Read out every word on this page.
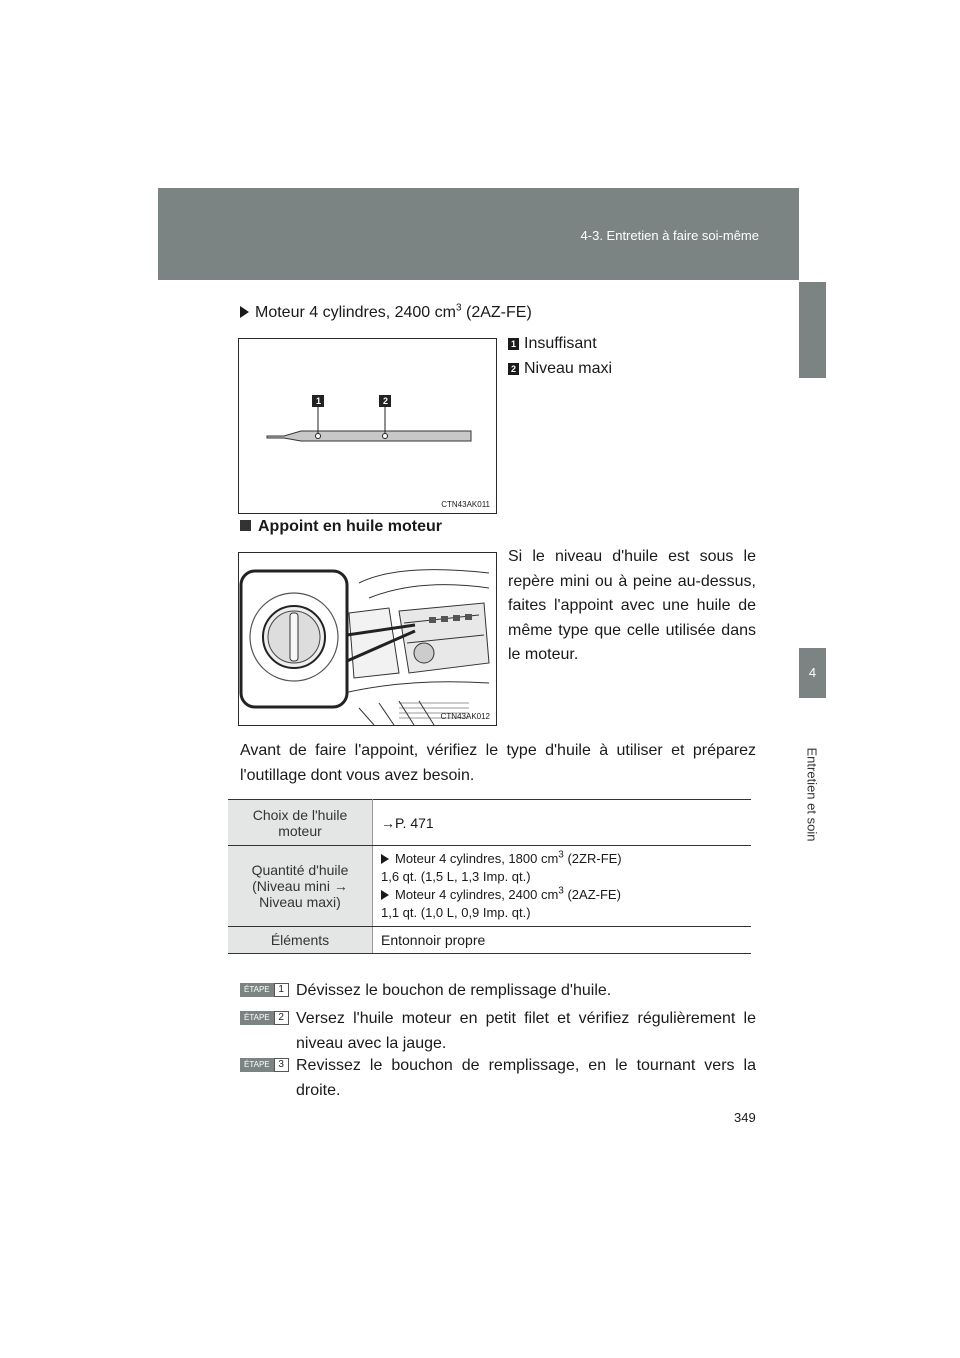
4-3. Entretien à faire soi-même
4
Entretien et soin
Moteur 4 cylindres, 2400 $cm^3$ (2AZ-FE)
1	2
CTN43AK011
1 Insuffisant
2 Niveau maxi
Appoint en huile moteur
CTN43AK012
Si le niveau d'huile est sous le repère mini ou à peine au-dessus, faites l'appoint avec une huile de même type que celle utilisée dans le moteur.
Avant de faire l'appoint, vérifiez le type d'huile à utiliser et préparez l'outillage dont vous avez besoin.
Choix de l'huile moteur	→P. 471
Quantité d'huile (Niveau mini → Niveau maxi)	Moteur 4 cylindres, 1800 $cm^3$ (2ZR-FE)
1,6 qt. (1,5 L, 1,3 Imp. qt.)
Moteur 4 cylindres, 2400 $cm^3$ (2AZ-FE)
1,1 qt. (1,0 L, 0,9 Imp. qt.)

Éléments	Entonnoir propre
ÉTAPE 1 Dévissez le bouchon de remplissage d'huile.
ÉTAPE 2 Versez l'huile moteur en petit filet et vérifiez régulièrement le niveau avec la jauge.
ÉTAPE 3 Revissez le bouchon de remplissage, en le tournant vers la droite.
349
